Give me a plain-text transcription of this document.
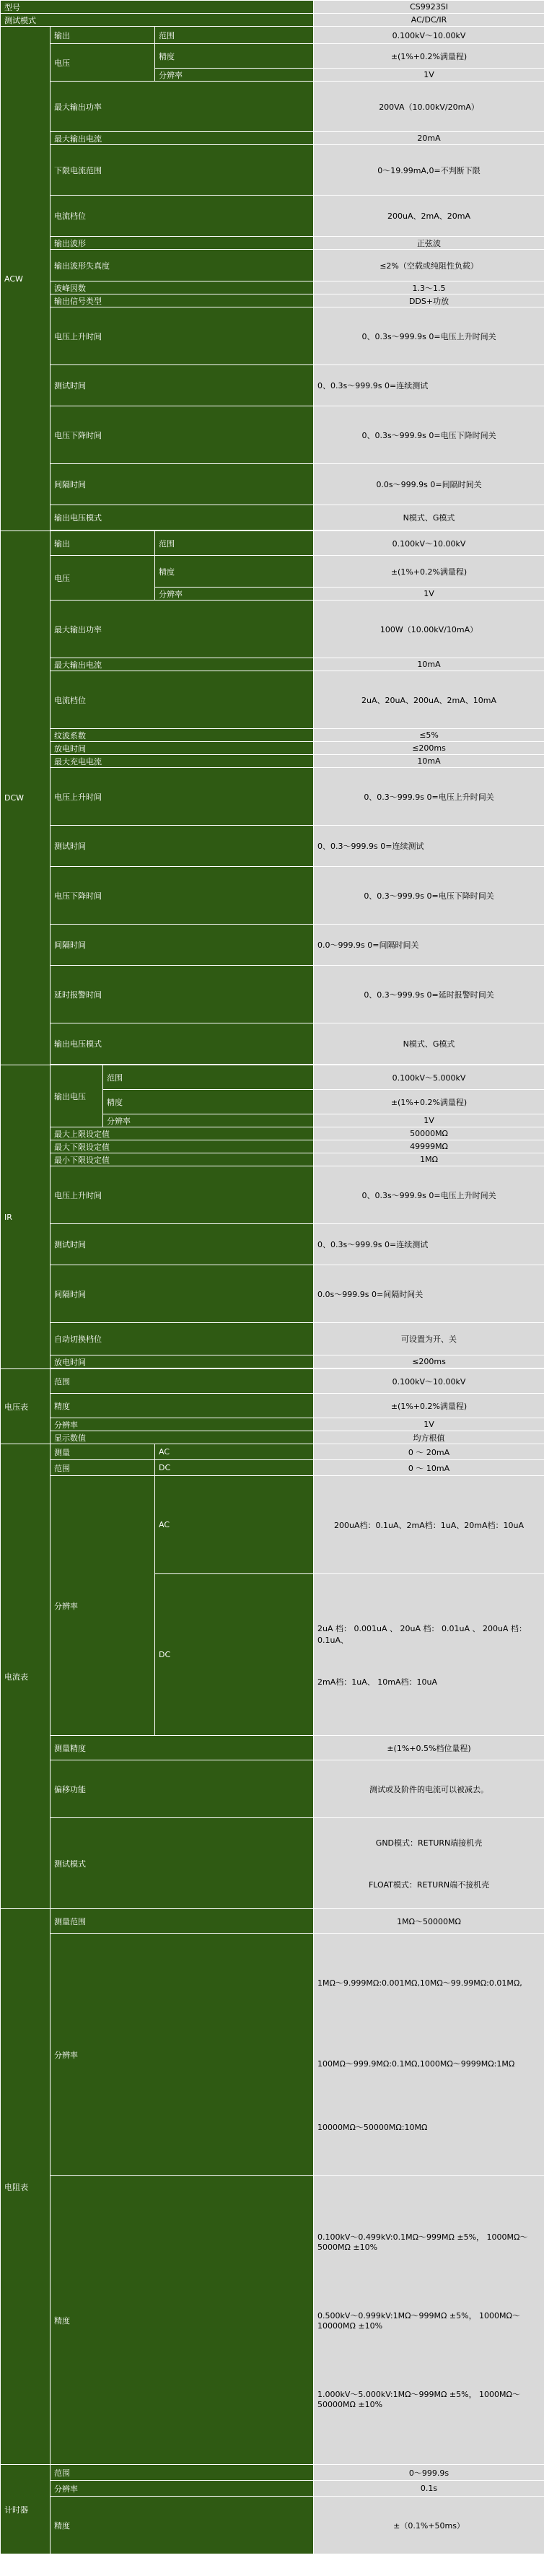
型号				CS9923SI
测试模式				AC/DC/IR
ACW	输出		范围	0.100kV～10.00kV
	电压		精度	±(1%+0.2%满量程)
			分辨率	1V
	最大输出功率			200VA（10.00kV/20mA）
	最大输出电流			20mA
	下限电流范围			0～19.99mA,0=不判断下限
	电流档位			200uA、2mA、20mA
	输出波形			正弦波
	输出波形失真度			≤2%（空载或纯阻性负载）
	波峰因数			1.3～1.5
	输出信号类型			DDS+功放
	电压上升时间			0、0.3s～999.9s 0=电压上升时间关
	测试时间			0、0.3s～999.9s 0=连续测试
	电压下降时间			0、0.3s～999.9s 0=电压下降时间关
	间隔时间			0.0s～999.9s 0=间隔时间关
	输出电压模式			N模式、G模式

DCW	输出		范围	0.100kV～10.00kV
	电压		精度	±(1%+0.2%满量程)
			分辨率	1V
	最大输出功率			100W（10.00kV/10mA）
	最大输出电流			10mA
	电流档位			2uA、20uA、200uA、2mA、10mA
	纹波系数			≤5%
	放电时间			≤200ms
	最大充电电流			10mA
	电压上升时间			0、0.3～999.9s 0=电压上升时间关
	测试时间			0、0.3～999.9s 0=连续测试
	电压下降时间			0、0.3～999.9s 0=电压下降时间关
	间隔时间			0.0～999.9s 0=间隔时间关
	延时报警时间			0、0.3～999.9s 0=延时报警时间关
	输出电压模式			N模式、G模式

IR	输出电压	范围		0.100kV～5.000kV
		精度		±(1%+0.2%满量程)
		分辨率		1V
	最大上限设定值			50000MΩ
	最大下限设定值			49999MΩ
	最小下限设定值			1MΩ
	电压上升时间			0、0.3s～999.9s 0=电压上升时间关
	测试时间			0、0.3s～999.9s 0=连续测试
	间隔时间			0.0s～999.9s 0=间隔时间关
	自动切换档位			可设置为开、关
	放电时间			≤200ms

电压表	范围			0.100kV～10.00kV
	精度			±(1%+0.2%满量程)
	分辨率			1V
	显示数值			均方根值
电流表	测量		AC	0 ～ 20mA
	范围		DC	0 ～ 10mA
	分辨率		AC	200uA档：0.1uA、2mA档：1uA、20mA档：10uA
			DC	2uA 档： 0.001uA 、 20uA 档： 0.01uA 、 200uA 档： 0.1uA、
2mA档：1uA、 10mA档：10uA

	测量精度			±(1%+0.5%档位量程)
	偏移功能			测试或及阶件的电流可以被减去。
	测试模式			GND模式：RETURN端接机壳
FLOAT模式：RETURN端不接机壳

电阻表	测量范围			1MΩ～50000MΩ
	分辨率			1MΩ～9.999MΩ:0.001MΩ,10MΩ～99.99MΩ:0.01MΩ,
100MΩ～999.9MΩ:0.1MΩ,1000MΩ～9999MΩ:1MΩ
10000MΩ～50000MΩ:10MΩ

	精度			0.100kV～0.499kV:0.1MΩ～999MΩ ±5%， 1000MΩ～5000MΩ ±10%
0.500kV～0.999kV:1MΩ～999MΩ ±5%， 1000MΩ～10000MΩ ±10%
1.000kV～5.000kV:1MΩ～999MΩ ±5%， 1000MΩ～50000MΩ ±10%

计时器	范围			0～999.9s
	分辨率			0.1s
	精度			±（0.1%+50ms）
